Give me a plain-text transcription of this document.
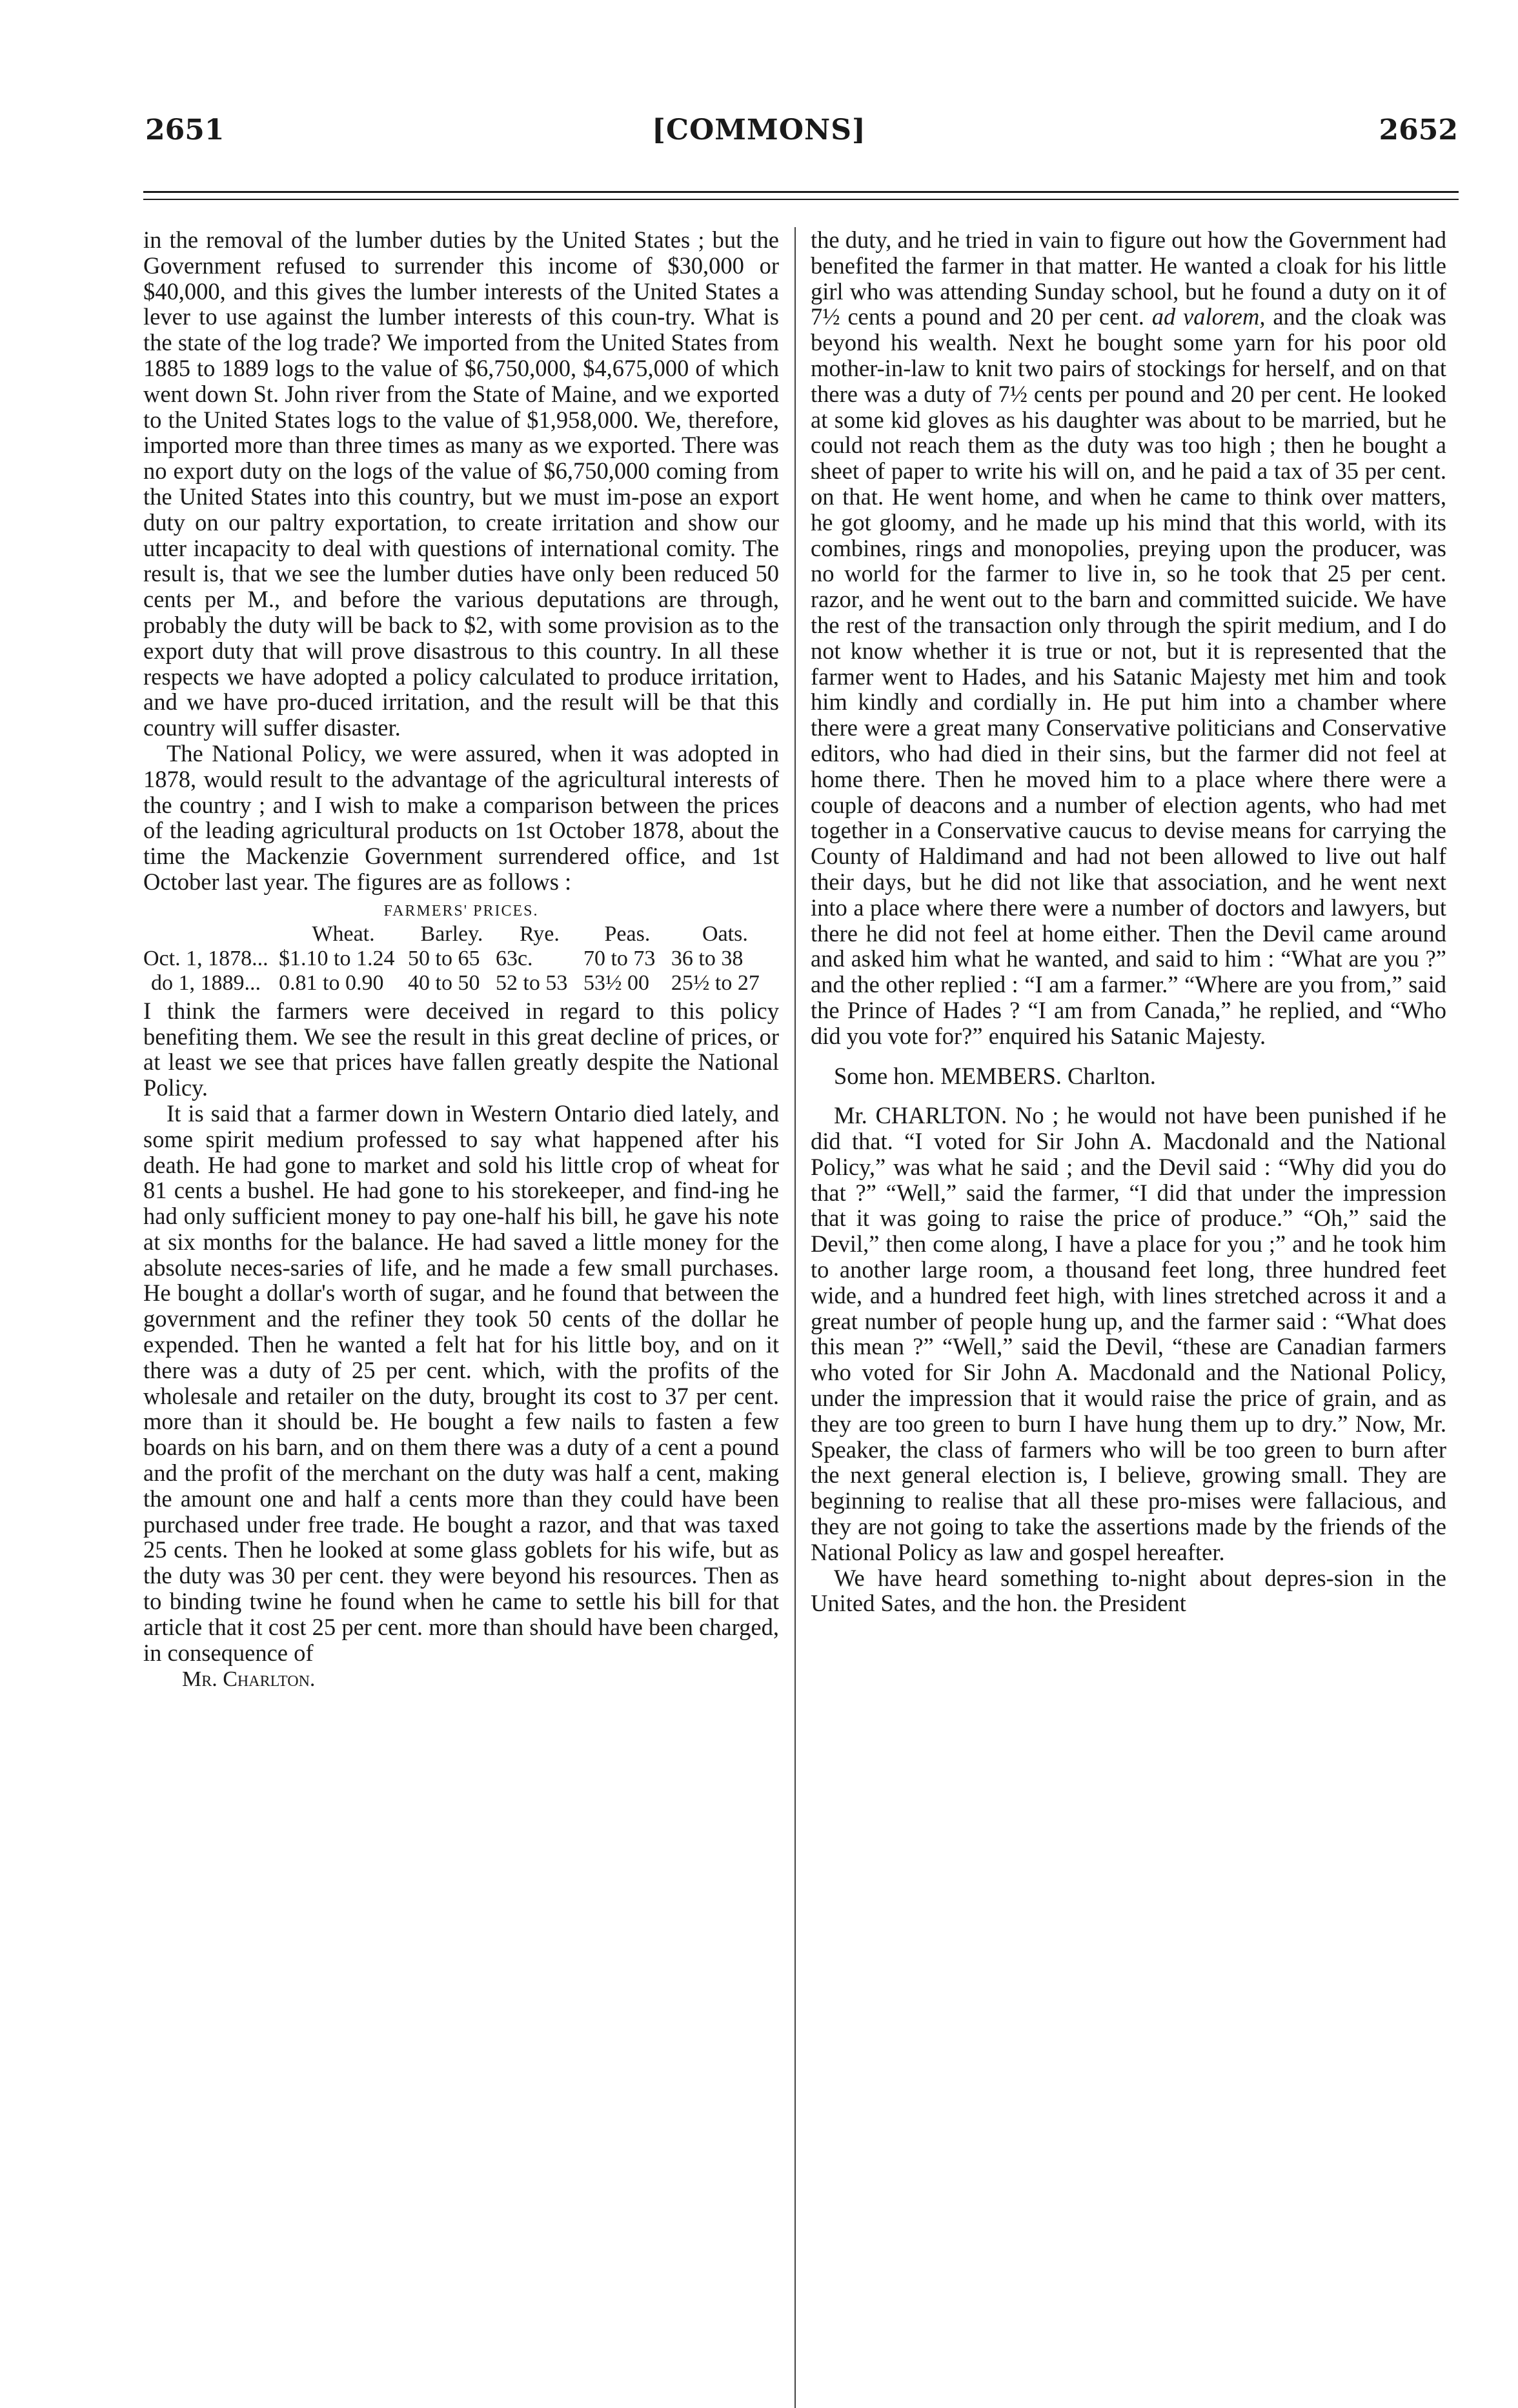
2651	[COMMONS]	2652

in the removal of the lumber duties by the United States ; but the Government refused to surrender this income of $30,000 or $40,000, and this gives the lumber interests of the United States a lever to use against the lumber interests of this coun-try. What is the state of the log trade? We imported from the United States from 1885 to 1889 logs to the value of $6,750,000, $4,675,000 of which went down St. John river from the State of Maine, and we exported to the United States logs to the value of $1,958,000. We, therefore, imported more than three times as many as we exported. There was no export duty on the logs of the value of $6,750,000 coming from the United States into this country, but we must im-pose an export duty on our paltry exportation, to create irritation and show our utter incapacity to deal with questions of international comity. The result is, that we see the lumber duties have only been reduced 50 cents per M., and before the various deputations are through, probably the duty will be back to $2, with some provision as to the export duty that will prove disastrous to this country. In all these respects we have adopted a policy calculated to produce irritation, and we have pro-duced irritation, and the result will be that this country will suffer disaster.

The National Policy, we were assured, when it was adopted in 1878, would result to the advantage of the agricultural interests of the country ; and I wish to make a comparison between the prices of the leading agricultural products on 1st October 1878, about the time the Mackenzie Government surrendered office, and 1st October last year. The figures are as follows :

FARMERS' PRICES.
	Wheat.	Barley.	Rye.	Peas.	Oats.
Oct. 1, 1878...	$1.10 to 1.24	50 to 65	63c.	70 to 73	36 to 38
do 1, 1889...	0.81 to 0.90	40 to 50	52 to 53	53½ 00	25½ to 27

I think the farmers were deceived in regard to this policy benefiting them. We see the result in this great decline of prices, or at least we see that prices have fallen greatly despite the National Policy.

It is said that a farmer down in Western Ontario died lately, and some spirit medium professed to say what happened after his death. He had gone to market and sold his little crop of wheat for 81 cents a bushel. He had gone to his storekeeper, and find-ing he had only sufficient money to pay one-half his bill, he gave his note at six months for the balance. He had saved a little money for the absolute neces-saries of life, and he made a few small purchases. He bought a dollar's worth of sugar, and he found that between the government and the refiner they took 50 cents of the dollar he expended. Then he wanted a felt hat for his little boy, and on it there was a duty of 25 per cent. which, with the profits of the wholesale and retailer on the duty, brought its cost to 37 per cent. more than it should be. He bought a few nails to fasten a few boards on his barn, and on them there was a duty of a cent a pound and the profit of the merchant on the duty was half a cent, making the amount one and half a cents more than they could have been purchased under free trade. He bought a razor, and that was taxed 25 cents. Then he looked at some glass goblets for his wife, but as the duty was 30 per cent. they were beyond his resources. Then as to binding twine he found when he came to settle his bill for that article that it cost 25 per cent. more than should have been charged, in consequence of

Mr. Charlton.

the duty, and he tried in vain to figure out how the Government had benefited the farmer in that matter. He wanted a cloak for his little girl who was attending Sunday school, but he found a duty on it of 7½ cents a pound and 20 per cent. ad valorem, and the cloak was beyond his wealth. Next he bought some yarn for his poor old mother-in-law to knit two pairs of stockings for herself, and on that there was a duty of 7½ cents per pound and 20 per cent. He looked at some kid gloves as his daughter was about to be married, but he could not reach them as the duty was too high ; then he bought a sheet of paper to write his will on, and he paid a tax of 35 per cent. on that. He went home, and when he came to think over matters, he got gloomy, and he made up his mind that this world, with its combines, rings and monopolies, preying upon the producer, was no world for the farmer to live in, so he took that 25 per cent. razor, and he went out to the barn and committed suicide. We have the rest of the transaction only through the spirit medium, and I do not know whether it is true or not, but it is represented that the farmer went to Hades, and his Satanic Majesty met him and took him kindly and cordially in. He put him into a chamber where there were a great many Conservative politicians and Conservative editors, who had died in their sins, but the farmer did not feel at home there. Then he moved him to a place where there were a couple of deacons and a number of election agents, who had met together in a Conservative caucus to devise means for carrying the County of Haldimand and had not been allowed to live out half their days, but he did not like that association, and he went next into a place where there were a number of doctors and lawyers, but there he did not feel at home either. Then the Devil came around and asked him what he wanted, and said to him : “What are you ?” and the other replied : “I am a farmer.” “Where are you from,” said the Prince of Hades ? “I am from Canada,” he replied, and “Who did you vote for?” enquired his Satanic Majesty.

Some hon. MEMBERS. Charlton.

Mr. CHARLTON. No ; he would not have been punished if he did that. “I voted for Sir John A. Macdonald and the National Policy,” was what he said ; and the Devil said : “Why did you do that ?” “Well,” said the farmer, “I did that under the impression that it was going to raise the price of produce.” “Oh,” said the Devil,” then come along, I have a place for you ;” and he took him to another large room, a thousand feet long, three hundred feet wide, and a hundred feet high, with lines stretched across it and a great number of people hung up, and the farmer said : “What does this mean ?” “Well,” said the Devil, “these are Canadian farmers who voted for Sir John A. Macdonald and the National Policy, under the impression that it would raise the price of grain, and as they are too green to burn I have hung them up to dry.” Now, Mr. Speaker, the class of farmers who will be too green to burn after the next general election is, I believe, growing small. They are beginning to realise that all these pro-mises were fallacious, and they are not going to take the assertions made by the friends of the National Policy as law and gospel hereafter.

We have heard something to-night about depres-sion in the United Sates, and the hon. the President
